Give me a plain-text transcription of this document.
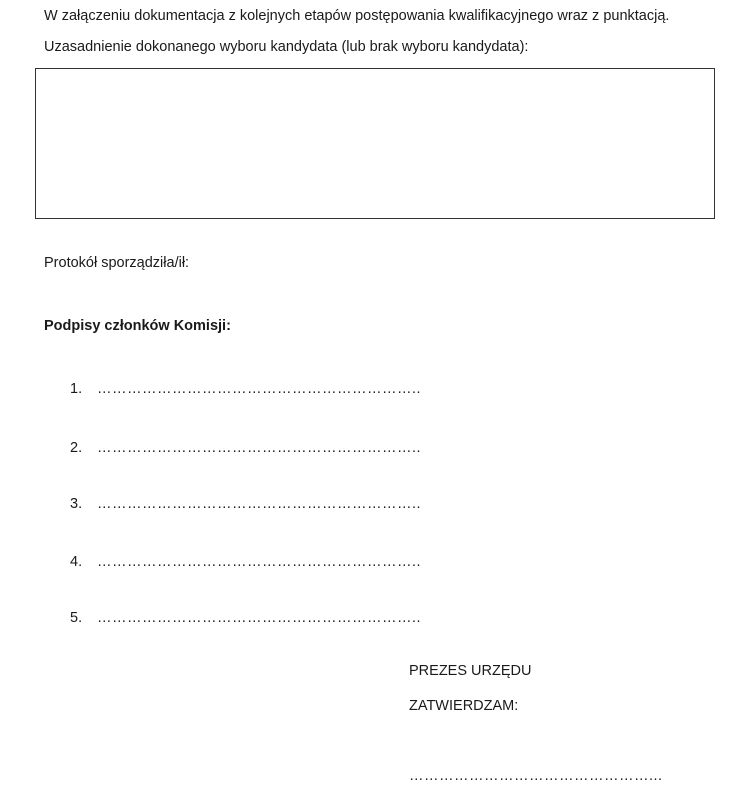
W załączeniu dokumentacja z kolejnych etapów postępowania kwalifikacyjnego wraz z punktacją.
Uzasadnienie dokonanego wyboru kandydata (lub brak wyboru kandydata):
Protokół sporządziła/ił:
Podpisy członków Komisji:
1. ………………………………………………………..
2. ………………………………………………………..
3. ………………………………………………………..
4. ………………………………………………………..
5. ………………………………………………………..
PREZES URZĘDU
ZATWIERDZAM:
…………………………………………...
